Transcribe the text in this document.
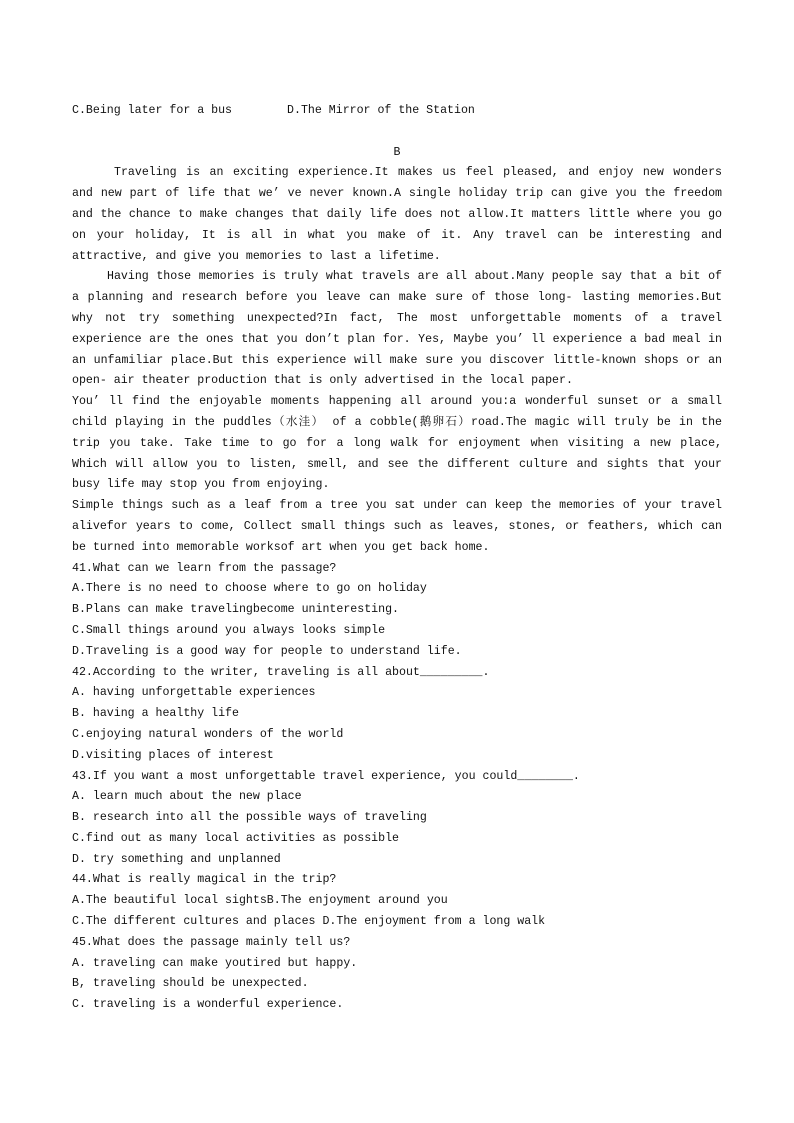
C.Being later for a bus	D.The Mirror of the Station
B
Traveling is an exciting experience.It makes us feel pleased, and enjoy new wonders
and new part of life that we’ ve never known.A single holiday trip can give you the freedom
and the chance to make changes that daily life does not allow.It matters little where you go
on your holiday, It is all in what you make of it. Any travel can be interesting and
attractive, and give you memories to last a lifetime.
Having those memories is truly what travels are all about.Many people say that a bit of
a planning and research before you leave can make sure of those long- lasting memories.But
why not try something unexpected?In fact, The most unforgettable moments of a travel
experience are the ones that you don’t plan for. Yes, Maybe you’ ll experience a bad meal in
an unfamiliar place.But this experience will make sure you discover little-known shops or an
open- air theater production that is only advertised in the local paper.
You’ ll find the enjoyable moments happening all around you:a wonderful sunset or a small
child playing in the puddles（水洼） of a cobble(鹅卵石）road.The magic will truly be in the
trip you take. Take time to go for a long walk for enjoyment when visiting a new place,
Which will allow you to listen, smell, and see the different culture and sights that your
busy life may stop you from enjoying.
Simple things such as a leaf from a tree you sat under can keep the memories of your travel
alivefor years to come, Collect small things such as leaves, stones, or feathers, which can
be turned into memorable worksof art when you get back home.
41.What can we learn from the passage?
A.There is no need to choose where to go on holiday
B.Plans can make travelingbecome uninteresting.
C.Small things around you always looks simple
D.Traveling is a good way for people to understand life.
42.According to the writer, traveling is all about_________.
A. having unforgettable experiences
B. having a healthy life
C.enjoying natural wonders of the world
D.visiting places of interest
43.If you want a most unforgettable travel experience, you could________.
A. learn much about the new place
B. research into all the possible ways of traveling
C.find out as many local activities as possible
D. try something and unplanned
44.What is really magical in the trip?
A.The beautiful local sightsB.The enjoyment around you
C.The different cultures and places D.The enjoyment from a long walk
45.What does the passage mainly tell us?
A. traveling can make youtired but happy.
B, traveling should be unexpected.
C. traveling is a wonderful experience.
